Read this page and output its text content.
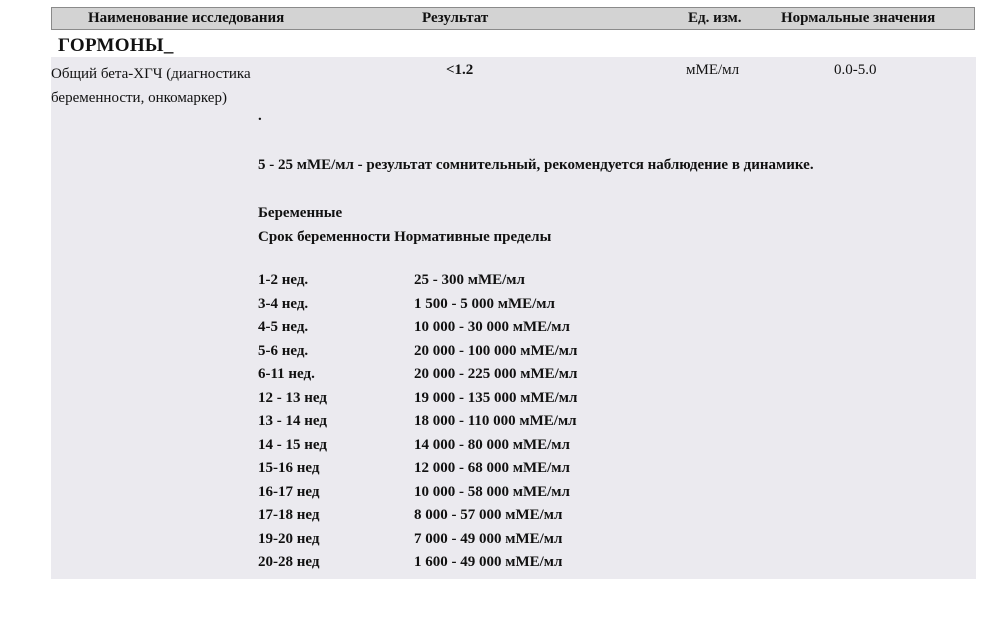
Наименование исследования	Результат	Ед. изм.	Нормальные значения
ГОРМОНЫ_
Общий бета-ХГЧ (диагностика
беременности, онкомаркер)
<1.2	мМЕ/мл	0.0-5.0
.
5 - 25 мМЕ/мл - результат сомнительный, рекомендуется наблюдение в динамике.
Беременные
Срок беременности Нормативные пределы
1-2 нед.	25 - 300 мМЕ/мл
3-4 нед.	1 500 - 5 000 мМЕ/мл
4-5 нед.	10 000 - 30 000 мМЕ/мл
5-6 нед.	20 000 - 100 000 мМЕ/мл
6-11 нед.	20 000 - 225 000 мМЕ/мл
12 - 13 нед	19 000 - 135 000 мМЕ/мл
13 - 14 нед	18 000 - 110 000 мМЕ/мл
14 - 15 нед	14 000 - 80 000 мМЕ/мл
15-16 нед	12 000 - 68 000 мМЕ/мл
16-17 нед	10 000 - 58 000 мМЕ/мл
17-18 нед	8 000 - 57 000 мМЕ/мл
19-20 нед	7 000 - 49 000 мМЕ/мл
20-28 нед	1 600 - 49 000 мМЕ/мл
